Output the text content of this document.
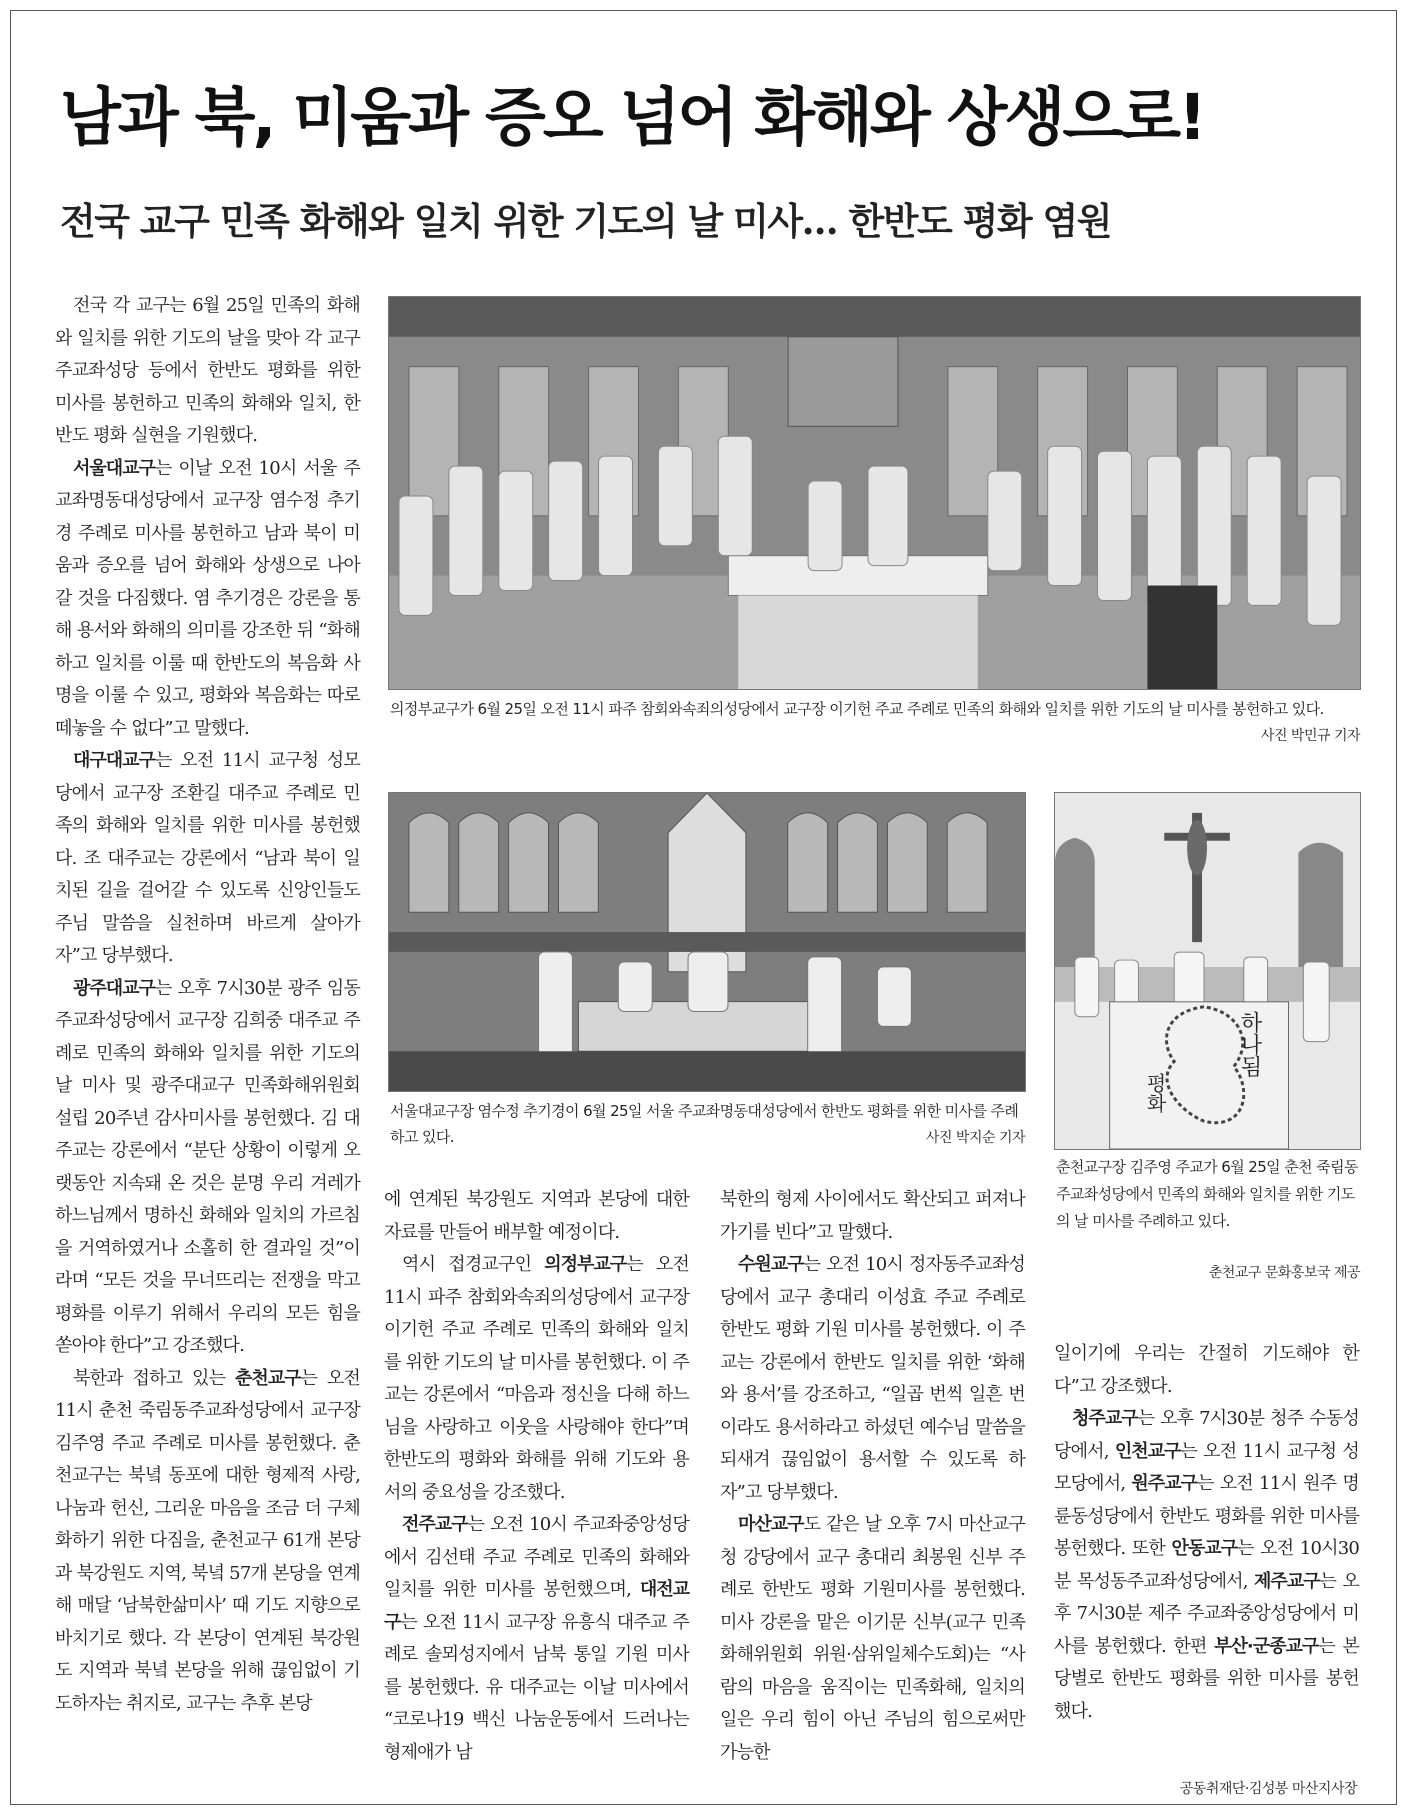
남과 북, 미움과 증오 넘어 화해와 상생으로!
전국 교구 민족 화해와 일치 위한 기도의 날 미사… 한반도 평화 염원

전국 각 교구는 6월 25일 민족의 화해와 일치를 위한 기도의 날을 맞아 각 교구 주교좌성당 등에서 한반도 평화를 위한 미사를 봉헌하고 민족의 화해와 일치, 한반도 평화 실현을 기원했다.

서울대교구는 이날 오전 10시 서울 주교좌명동대성당에서 교구장 염수정 추기경 주례로 미사를 봉헌하고 남과 북이 미움과 증오를 넘어 화해와 상생으로 나아갈 것을 다짐했다. 염 추기경은 강론을 통해 용서와 화해의 의미를 강조한 뒤 “화해하고 일치를 이룰 때 한반도의 복음화 사명을 이룰 수 있고, 평화와 복음화는 따로 떼놓을 수 없다”고 말했다.

대구대교구는 오전 11시 교구청 성모당에서 교구장 조환길 대주교 주례로 민족의 화해와 일치를 위한 미사를 봉헌했다. 조 대주교는 강론에서 “남과 북이 일치된 길을 걸어갈 수 있도록 신앙인들도 주님 말씀을 실천하며 바르게 살아가자”고 당부했다.

광주대교구는 오후 7시30분 광주 임동주교좌성당에서 교구장 김희중 대주교 주례로 민족의 화해와 일치를 위한 기도의 날 미사 및 광주대교구 민족화해위원회 설립 20주년 감사미사를 봉헌했다. 김 대주교는 강론에서 “분단 상황이 이렇게 오랫동안 지속돼 온 것은 분명 우리 겨레가 하느님께서 명하신 화해와 일치의 가르침을 거역하였거나 소홀히 한 결과일 것”이라며 “모든 것을 무너뜨리는 전쟁을 막고 평화를 이루기 위해서 우리의 모든 힘을 쏟아야 한다”고 강조했다.

북한과 접하고 있는 춘천교구는 오전 11시 춘천 죽림동주교좌성당에서 교구장 김주영 주교 주례로 미사를 봉헌했다. 춘천교구는 북녘 동포에 대한 형제적 사랑, 나눔과 헌신, 그리운 마음을 조금 더 구체화하기 위한 다짐을, 춘천교구 61개 본당과 북강원도 지역, 북녘 57개 본당을 연계해 매달 ‘남북한삶미사’ 때 기도 지향으로 바치기로 했다. 각 본당이 연계된 북강원도 지역과 북녘 본당을 위해 끊임없이 기도하자는 취지로, 교구는 추후 본당

에 연계된 북강원도 지역과 본당에 대한 자료를 만들어 배부할 예정이다.

역시 접경교구인 의정부교구는 오전 11시 파주 참회와속죄의성당에서 교구장 이기헌 주교 주례로 민족의 화해와 일치를 위한 기도의 날 미사를 봉헌했다. 이 주교는 강론에서 “마음과 정신을 다해 하느님을 사랑하고 이웃을 사랑해야 한다”며 한반도의 평화와 화해를 위해 기도와 용서의 중요성을 강조했다.

전주교구는 오전 10시 주교좌중앙성당에서 김선태 주교 주례로 민족의 화해와 일치를 위한 미사를 봉헌했으며, 대전교구는 오전 11시 교구장 유흥식 대주교 주례로 솔뫼성지에서 남북 통일 기원 미사를 봉헌했다. 유 대주교는 이날 미사에서 “코로나19 백신 나눔운동에서 드러나는 형제애가 남

북한의 형제 사이에서도 확산되고 퍼져나가기를 빈다”고 말했다.

수원교구는 오전 10시 정자동주교좌성당에서 교구 총대리 이성효 주교 주례로 한반도 평화 기원 미사를 봉헌했다. 이 주교는 강론에서 한반도 일치를 위한 ‘화해와 용서’를 강조하고, “일곱 번씩 일흔 번이라도 용서하라고 하셨던 예수님 말씀을 되새겨 끊임없이 용서할 수 있도록 하자”고 당부했다.

마산교구도 같은 날 오후 7시 마산교구청 강당에서 교구 총대리 최봉원 신부 주례로 한반도 평화 기원미사를 봉헌했다. 미사 강론을 맡은 이기문 신부(교구 민족화해위원회 위원·삼위일체수도회)는 “사람의 마음을 움직이는 민족화해, 일치의 일은 우리 힘이 아닌 주님의 힘으로써만 가능한

일이기에 우리는 간절히 기도해야 한다”고 강조했다.

청주교구는 오후 7시30분 청주 수동성당에서, 인천교구는 오전 11시 교구청 성모당에서, 원주교구는 오전 11시 원주 명륜동성당에서 한반도 평화를 위한 미사를 봉헌했다. 또한 안동교구는 오전 10시30분 목성동주교좌성당에서, 제주교구는 오후 7시30분 제주 주교좌중앙성당에서 미사를 봉헌했다. 한편 부산·군종교구는 본당별로 한반도 평화를 위한 미사를 봉헌했다.

의정부교구가 6월 25일 오전 11시 파주 참회와속죄의성당에서 교구장 이기헌 주교 주례로 민족의 화해와 일치를 위한 기도의 날 미사를 봉헌하고 있다.
사진 박민규 기자
서울대교구장 염수정 추기경이 6월 25일 서울 주교좌명동대성당에서 한반도 평화를 위한 미사를 주례하고 있다.	사진 박지순 기자
하나됨
평화
춘천교구장 김주영 주교가 6월 25일 춘천 죽림동주교좌성당에서 민족의 화해와 일치를 위한 기도의 날 미사를 주례하고 있다.
춘천교구 문화홍보국 제공
공동취재단·김성봉 마산지사장
